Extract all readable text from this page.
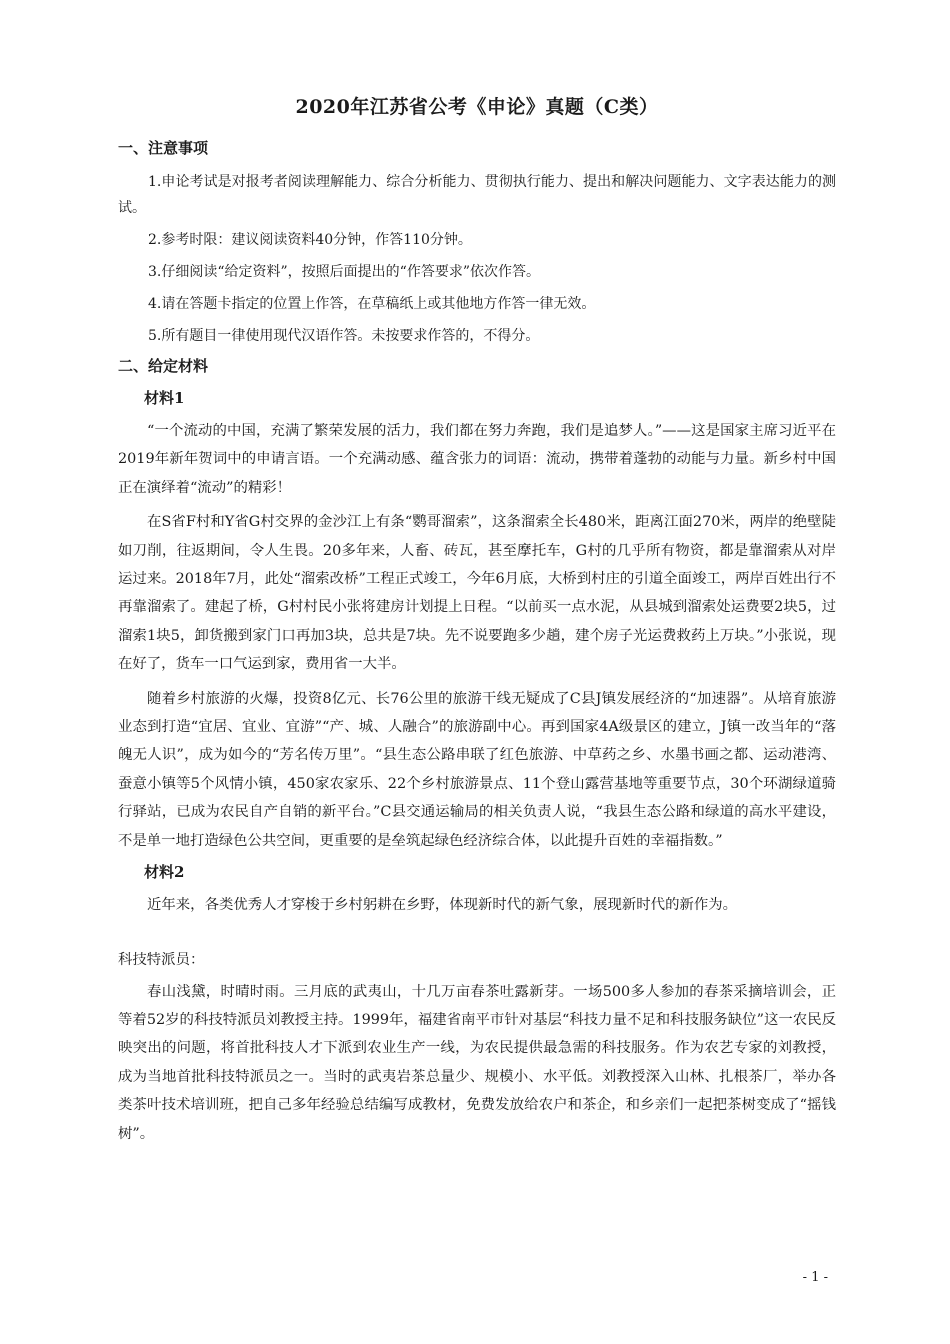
2020年江苏省公考《申论》真题（C类）
一、注意事项

1.申论考试是对报考者阅读理解能力、综合分析能力、贯彻执行能力、提出和解决问题能力、文字表达能力的测试。

2.参考时限：建议阅读资料40分钟，作答110分钟。

3.仔细阅读“给定资料”，按照后面提出的“作答要求”依次作答。

4.请在答题卡指定的位置上作答，在草稿纸上或其他地方作答一律无效。

5.所有题目一律使用现代汉语作答。未按要求作答的，不得分。

二、给定材料
材料1

“一个流动的中国，充满了繁荣发展的活力，我们都在努力奔跑，我们是追梦人。”——这是国家主席习近平在2019年新年贺词中的申请言语。一个充满动感、蕴含张力的词语：流动，携带着蓬勃的动能与力量。新乡村中国正在演绎着“流动”的精彩！

在S省F村和Y省G村交界的金沙江上有条“鹦哥溜索”，这条溜索全长480米，距离江面270米，两岸的绝壁陡如刀削，往返期间，令人生畏。20多年来，人畜、砖瓦，甚至摩托车，G村的几乎所有物资，都是靠溜索从对岸运过来。2018年7月，此处“溜索改桥”工程正式竣工，今年6月底，大桥到村庄的引道全面竣工，两岸百姓出行不再靠溜索了。建起了桥，G村村民小张将建房计划提上日程。“以前买一点水泥，从县城到溜索处运费要2块5，过溜索1块5，卸货搬到家门口再加3块，总共是7块。先不说要跑多少趟，建个房子光运费救药上万块。”小张说，现在好了，货车一口气运到家，费用省一大半。

随着乡村旅游的火爆，投资8亿元、长76公里的旅游干线无疑成了C县J镇发展经济的“加速器”。从培育旅游业态到打造“宜居、宜业、宜游”“产、城、人融合”的旅游副中心。再到国家4A级景区的建立，J镇一改当年的“落魄无人识”，成为如今的“芳名传万里”。“县生态公路串联了红色旅游、中草药之乡、水墨书画之都、运动港湾、蚕意小镇等5个风情小镇，450家农家乐、22个乡村旅游景点、11个登山露营基地等重要节点，30个环湖绿道骑行驿站，已成为农民自产自销的新平台。”C县交通运输局的相关负责人说，“我县生态公路和绿道的高水平建设，不是单一地打造绿色公共空间，更重要的是垒筑起绿色经济综合体，以此提升百姓的幸福指数。”

材料2

近年来，各类优秀人才穿梭于乡村躬耕在乡野，体现新时代的新气象，展现新时代的新作为。

科技特派员：

春山浅黛，时晴时雨。三月底的武夷山，十几万亩春茶吐露新芽。一场500多人参加的春茶采摘培训会，正等着52岁的科技特派员刘教授主持。1999年，福建省南平市针对基层“科技力量不足和科技服务缺位”这一农民反映突出的问题，将首批科技人才下派到农业生产一线，为农民提供最急需的科技服务。作为农艺专家的刘教授，成为当地首批科技特派员之一。当时的武夷岩茶总量少、规模小、水平低。刘教授深入山林、扎根茶厂，举办各类茶叶技术培训班，把自己多年经验总结编写成教材，免费发放给农户和茶企，和乡亲们一起把茶树变成了“摇钱树”。

- 1 -
